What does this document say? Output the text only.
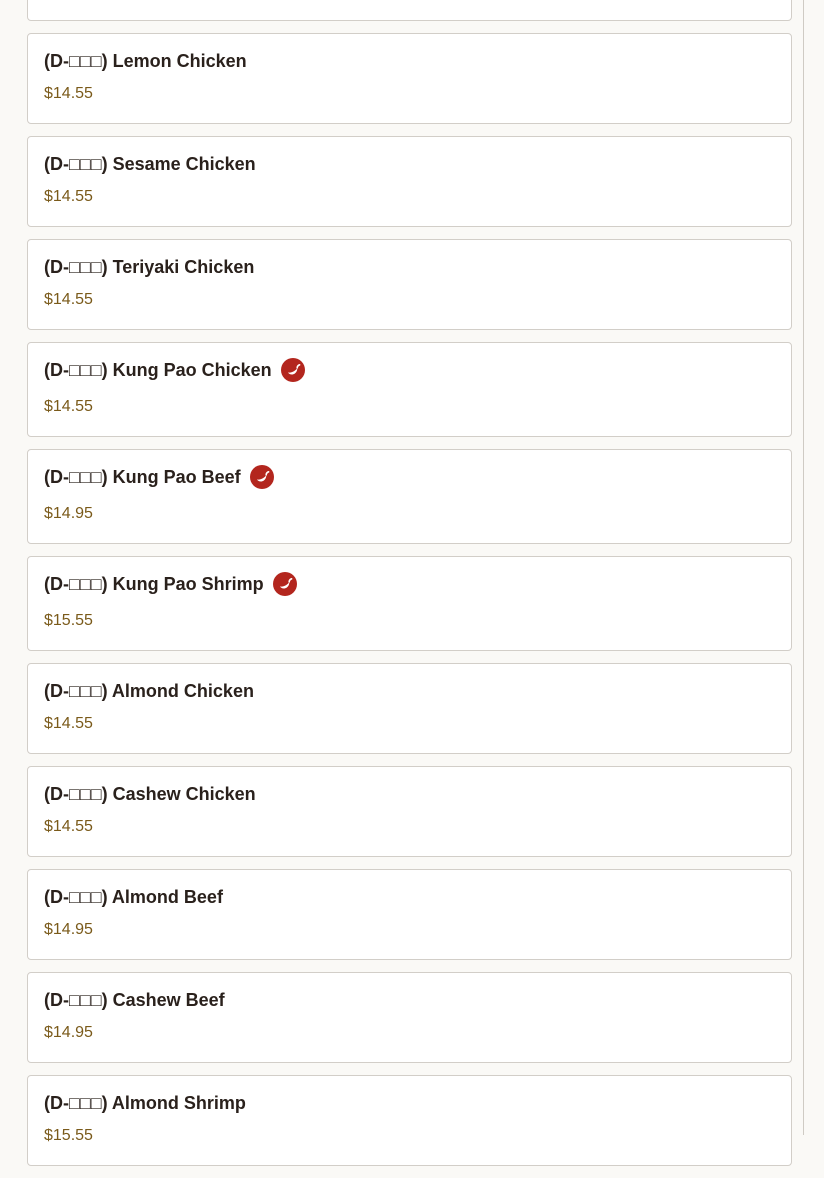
(D-□□□) Lemon Chicken
$14.55
(D-□□□) Sesame Chicken
$14.55
(D-□□□) Teriyaki Chicken
$14.55
(D-□□□) Kung Pao Chicken
$14.55
(D-□□□) Kung Pao Beef
$14.95
(D-□□□) Kung Pao Shrimp
$15.55
(D-□□□) Almond Chicken
$14.55
(D-□□□) Cashew Chicken
$14.55
(D-□□□) Almond Beef
$14.95
(D-□□□) Cashew Beef
$14.95
(D-□□□) Almond Shrimp
$15.55
